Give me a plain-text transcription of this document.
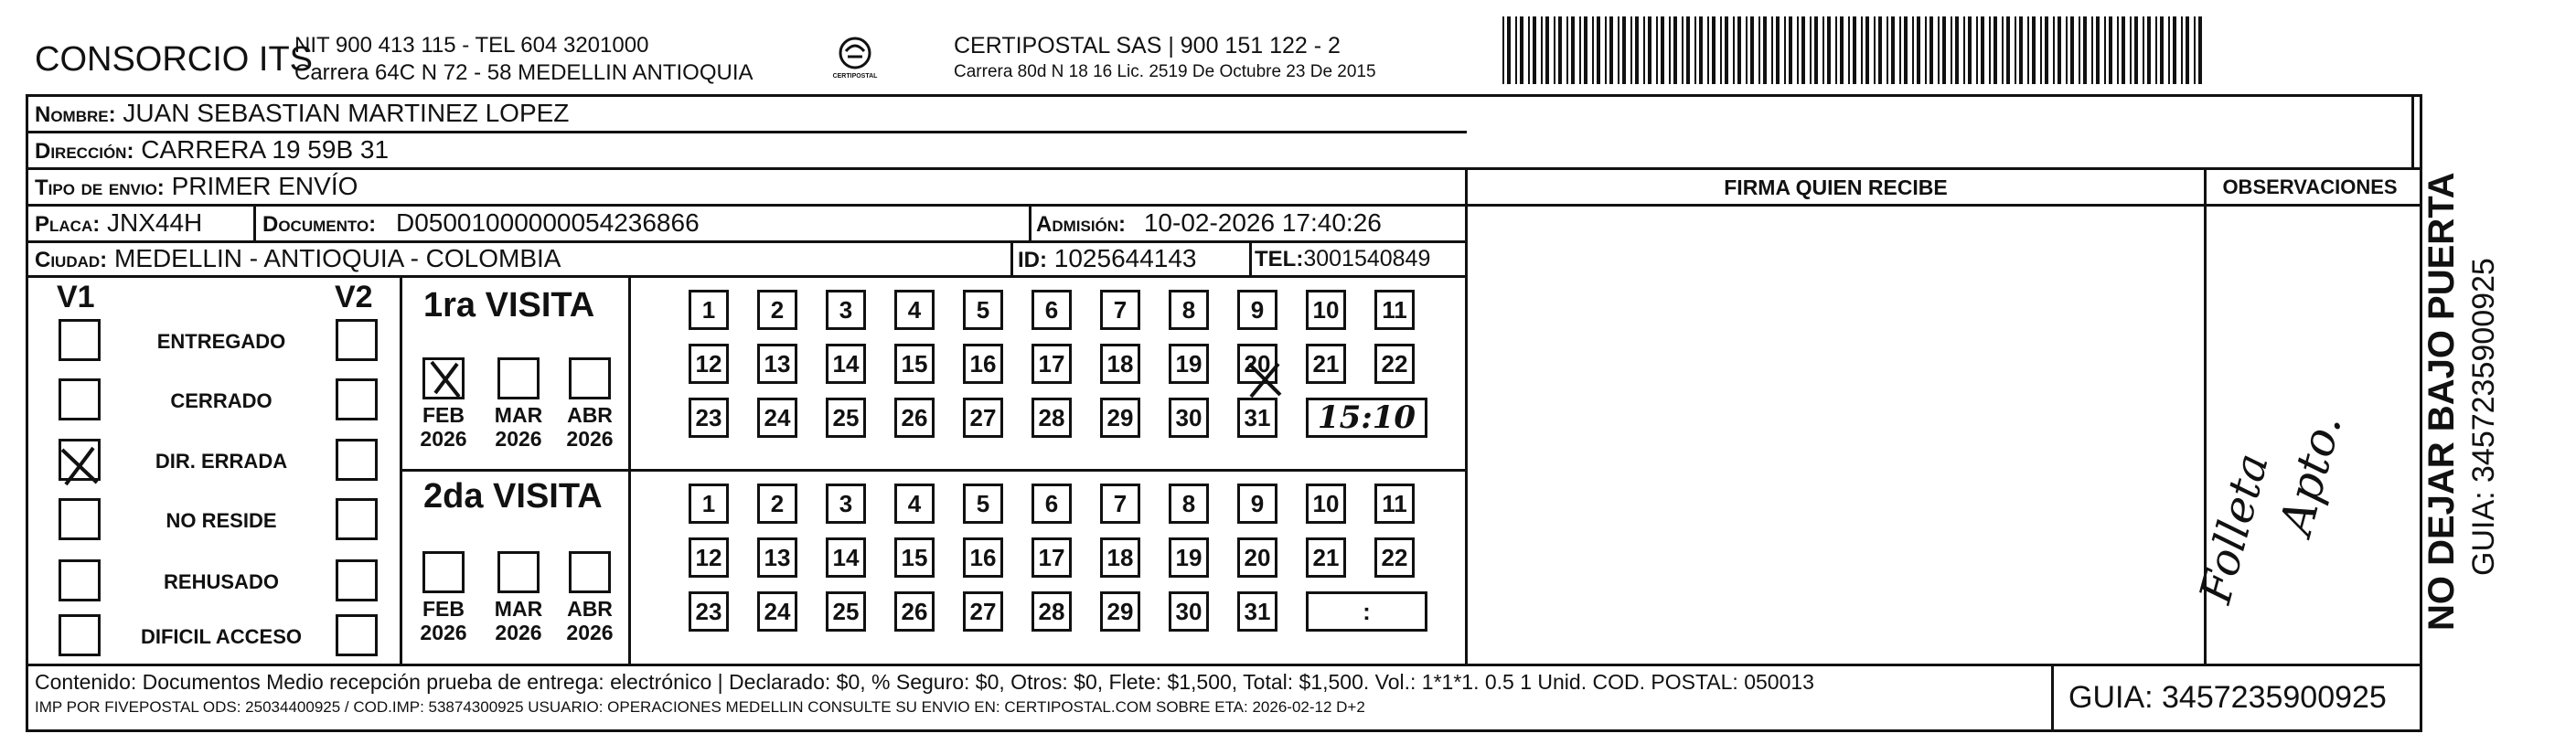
CONSORCIO ITS
NIT 900 413 115 - TEL 604 3201000
Carrera 64C N 72 - 58 MEDELLIN ANTIOQUIA	CERTIPOSTAL
CERTIPOSTAL SAS | 900 151 122 - 2
Carrera 80d N 18 16 Lic. 2519 De Octubre 23 De 2015
Nombre: JUAN SEBASTIAN MARTINEZ LOPEZ
Dirección: CARRERA 19 59B 31
Tipo de envio: PRIMER ENVÍO	FIRMA QUIEN RECIBE	OBSERVACIONES
Placa: JNX44H	Documento: D05001000000054236866	Admisión: 10-02-2026 17:40:26
Ciudad: MEDELLIN - ANTIOQUIA - COLOMBIA	ID: 1025644143	TEL:3001540849
V1	V2
ENTREGADO
CERRADO
DIR. ERRADA
NO RESIDE
REHUSADO
DIFICIL ACCESO
1ra VISITA
2da VISITA
FEB
2026
MAR
2026
ABR
2026
1	2	3	4	5	6	7	8	9	10	11
12 13 14 15 16 17 18 19 20 21 22
23 24 25 26 27 28 29 30 31	15:10
FEB
2026
MAR
2026
ABR
2026
1	2	3	4	5	6	7	8	9	10	11
12 13 14 15 16 17 18 19 20 21 22
23 24 25 26 27 28 29 30 31	:
Folleta
Apto. NO DEJAR BAJO PUERTA GUIA: 3457235900925
Contenido: Documentos Medio recepción prueba de entrega: electrónico | Declarado: $0, % Seguro: $0, Otros: $0, Flete: $1,500, Total: $1,500. Vol.: 1*1*1. 0.5 1 Unid. COD. POSTAL: 050013
IMP POR FIVEPOSTAL ODS: 25034400925 / COD.IMP: 53874300925 USUARIO: OPERACIONES MEDELLIN CONSULTE SU ENVIO EN: CERTIPOSTAL.COM SOBRE ETA: 2026-02-12 D+2	GUIA: 3457235900925
